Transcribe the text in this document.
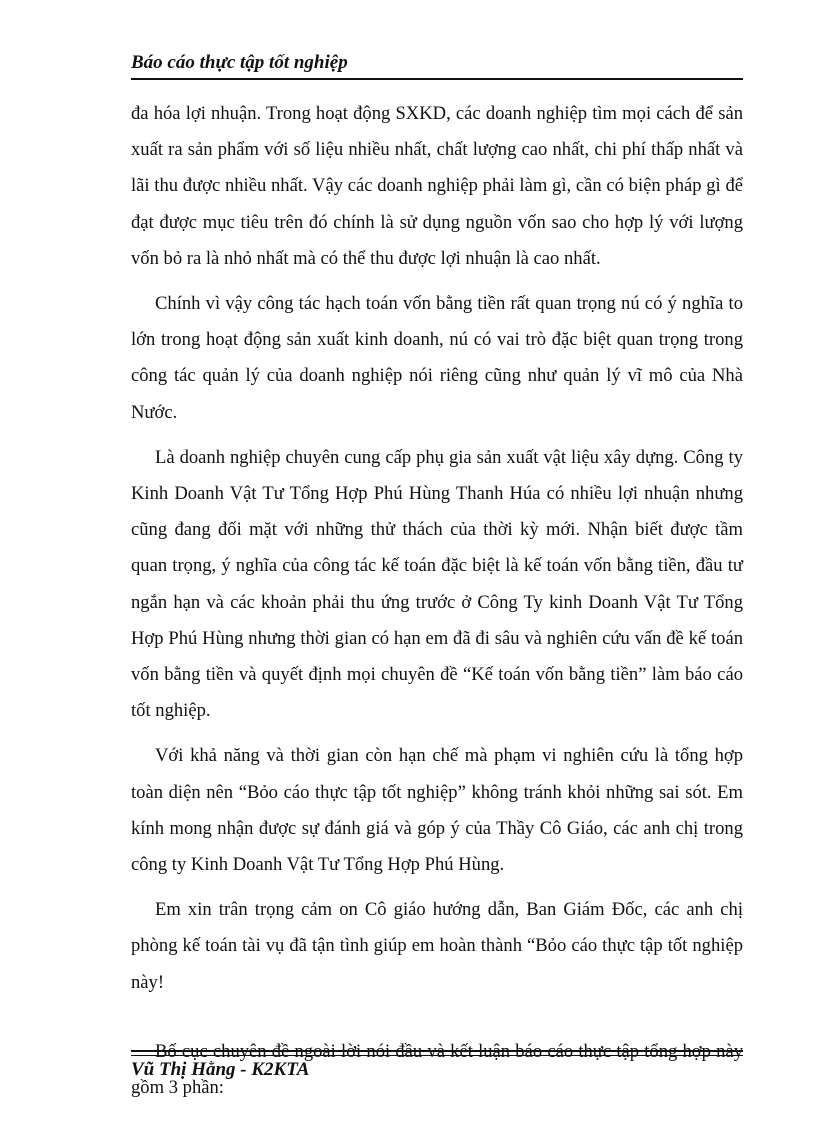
Báo cáo thực tập tốt nghiệp

đa hóa lợi nhuận. Trong hoạt động SXKD, các doanh nghiệp tìm mọi cách để sản xuất ra sản phẩm với số liệu nhiều nhất, chất lượng cao nhất, chi phí thấp nhất và lãi thu được nhiều nhất. Vậy các doanh nghiệp phải làm gì, cần có biện pháp gì để đạt được mục tiêu trên đó chính là sử dụng nguồn vốn sao cho hợp lý với lượng vốn bỏ ra là nhỏ nhất mà có thể thu được lợi nhuận là cao nhất.

Chính vì vậy công tác hạch toán vốn bằng tiền rất quan trọng nú có ý nghĩa to lớn trong hoạt động sản xuất kinh doanh, nú có vai trò đặc biệt quan trọng trong công tác quản lý của doanh nghiệp nói riêng cũng như quản lý vĩ mô của Nhà Nước.

Là doanh nghiệp chuyên cung cấp phụ gia sản xuất vật liệu xây dựng. Công ty Kinh Doanh Vật Tư Tổng Hợp Phú Hùng Thanh Húa có nhiều lợi nhuận nhưng cũng đang đối mặt với những thử thách của thời kỳ mới. Nhận biết được tầm quan trọng, ý nghĩa của công tác kế toán đặc biệt là kế toán vốn bằng tiền, đầu tư ngắn hạn và các khoản phải thu ứng trước ở Công Ty kinh Doanh Vật Tư Tổng Hợp Phú Hùng nhưng thời gian có hạn em đã đi sâu và nghiên cứu vấn đề kế toán vốn bằng tiền và quyết định mọi chuyên đề “Kế toán vốn bằng tiền” làm báo cáo tốt nghiệp.

Với khả năng và thời gian còn hạn chế mà phạm vi nghiên cứu là tổng hợp toàn diện nên “Bỏo cáo thực tập tốt nghiệp” không tránh khỏi những sai sót. Em kính mong nhận được sự đánh giá và góp ý của Thầy Cô Giáo, các anh chị trong công ty Kinh Doanh Vật Tư Tổng Hợp Phú Hùng.

Em xin trân trọng cảm on Cô giáo hướng dẫn, Ban Giám Đốc, các anh chị phòng kế toán tài vụ đã tận tình giúp em hoàn thành “Bỏo cáo thực tập tốt nghiệp này!

Bố cục chuyên đề ngoài lời nói đầu và kết luận báo cáo thực tập tổng hợp này gồm 3 phần:

Vũ Thị Hằng - K2KTA
